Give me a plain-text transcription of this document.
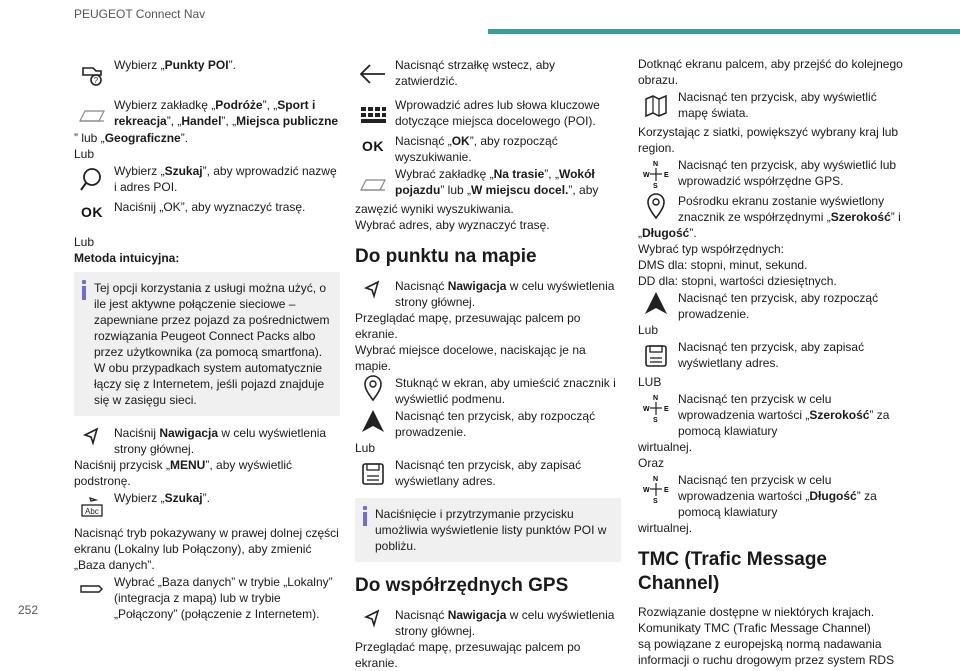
PEUGEOT Connect Nav
252
?
Wybierz „Punkty POI”.
Wybierz zakładkę „Podróże”, „Sport i rekreacja”, „Handel”, „Miejsca publiczne
” lub „Geograficzne”.
Lub
Wybierz „Szukaj”, aby wprowadzić nazwę i adres POI.
OK Naciśnij „OK”, aby wyznaczyć trasę.
Lub
Metoda intuicyjna:
Tej opcji korzystania z usługi można użyć, o ile jest aktywne połączenie sieciowe – zapewniane przez pojazd za pośrednictwem rozwiązania Peugeot Connect Packs albo przez użytkownika (za pomocą smartfona). W obu przypadkach system automatycznie łączy się z Internetem, jeśli pojazd znajduje się w zasięgu sieci.
Naciśnij Nawigacja w celu wyświetlenia strony głównej.
Naciśnij przycisk „MENU”, aby wyświetlić podstronę.
Abc
Wybierz „Szukaj”.
Nacisnąć tryb pokazywany w prawej dolnej części ekranu (Lokalny lub Połączony), aby zmienić „Baza danych”.
Wybrać „Baza danych” w trybie „Lokalny” (integracja z mapą) lub w trybie „Połączony” (połączenie z Internetem).
Nacisnąć strzałkę wstecz, aby zatwierdzić.
Wprowadzić adres lub słowa kluczowe dotyczące miejsca docelowego (POI).
OK Nacisnąć „OK”, aby rozpocząć wyszukiwanie.
Wybrać zakładkę „Na trasie”, „Wokół pojazdu” lub „W miejscu docel.”, aby
zawęzić wyniki wyszukiwania.
Wybrać adres, aby wyznaczyć trasę.
Do punktu na mapie
Nacisnąć Nawigacja w celu wyświetlenia strony głównej.
Przeglądać mapę, przesuwając palcem po ekranie.
Wybrać miejsce docelowe, naciskając je na mapie.
Stuknąć w ekran, aby umieścić znacznik i wyświetlić podmenu.
Nacisnąć ten przycisk, aby rozpocząć prowadzenie.
Lub
Nacisnąć ten przycisk, aby zapisać wyświetlany adres.
Naciśnięcie i przytrzymanie przycisku umożliwia wyświetlenie listy punktów POI w pobliżu.
Do współrzędnych GPS
Nacisnąć Nawigacja w celu wyświetlenia strony głównej.
Przeglądać mapę, przesuwając palcem po ekranie.
Dotknąć ekranu palcem, aby przejść do kolejnego obrazu.
Nacisnąć ten przycisk, aby wyświetlić mapę świata.
Korzystając z siatki, powiększyć wybrany kraj lub region.
N
W E
S
Nacisnąć ten przycisk, aby wyświetlić lub wprowadzić współrzędne GPS.
Pośrodku ekranu zostanie wyświetlony znacznik ze współrzędnymi „Szerokość” i
„Długość”.
Wybrać typ współrzędnych:
DMS dla: stopni, minut, sekund.
DD dla: stopni, wartości dziesiętnych.
Nacisnąć ten przycisk, aby rozpocząć prowadzenie.
Lub
Nacisnąć ten przycisk, aby zapisać wyświetlany adres.
LUB
N
W E
S
Nacisnąć ten przycisk w celu wprowadzenia wartości „Szerokość” za pomocą klawiatury
wirtualnej.
Oraz
N
W E
S
Nacisnąć ten przycisk w celu wprowadzenia wartości „Długość” za pomocą klawiatury
wirtualnej.
TMC (Trafic Message Channel)
Rozwiązanie dostępne w niektórych krajach.
Komunikaty TMC (Trafic Message Channel)
są powiązane z europejską normą nadawania
informacji o ruchu drogowym przez system RDS
